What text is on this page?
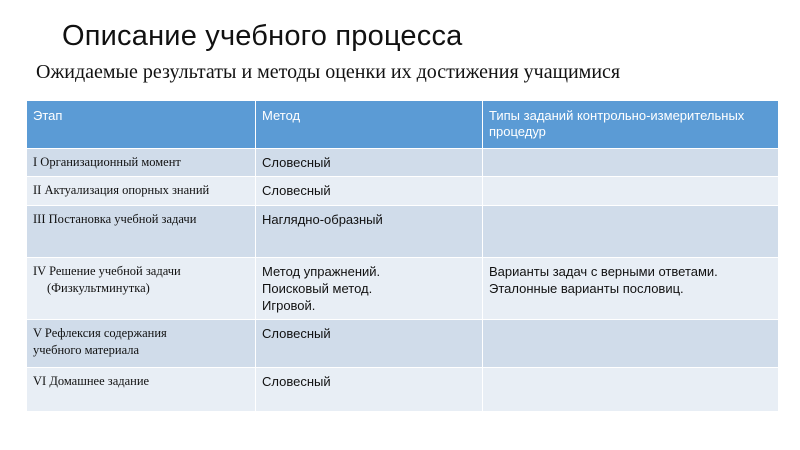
Описание учебного процесса
Ожидаемые результаты и методы оценки их достижения учащимися
Этап	Метод	Типы заданий контрольно-измерительных процедур

I Организационный момент	Словесный	

II Актуализация опорных знаний	Словесный	

III Постановка учебной задачи	Наглядно-образный	

IV Решение учебной задачи
(Физкультминутка)	Метод упражнений.
Поисковый метод.
Игровой.	Варианты задач с верными ответами.
Эталонные варианты пословиц.

V Рефлексия содержания
учебного материала	Словесный	

VI Домашнее задание	Словесный	
